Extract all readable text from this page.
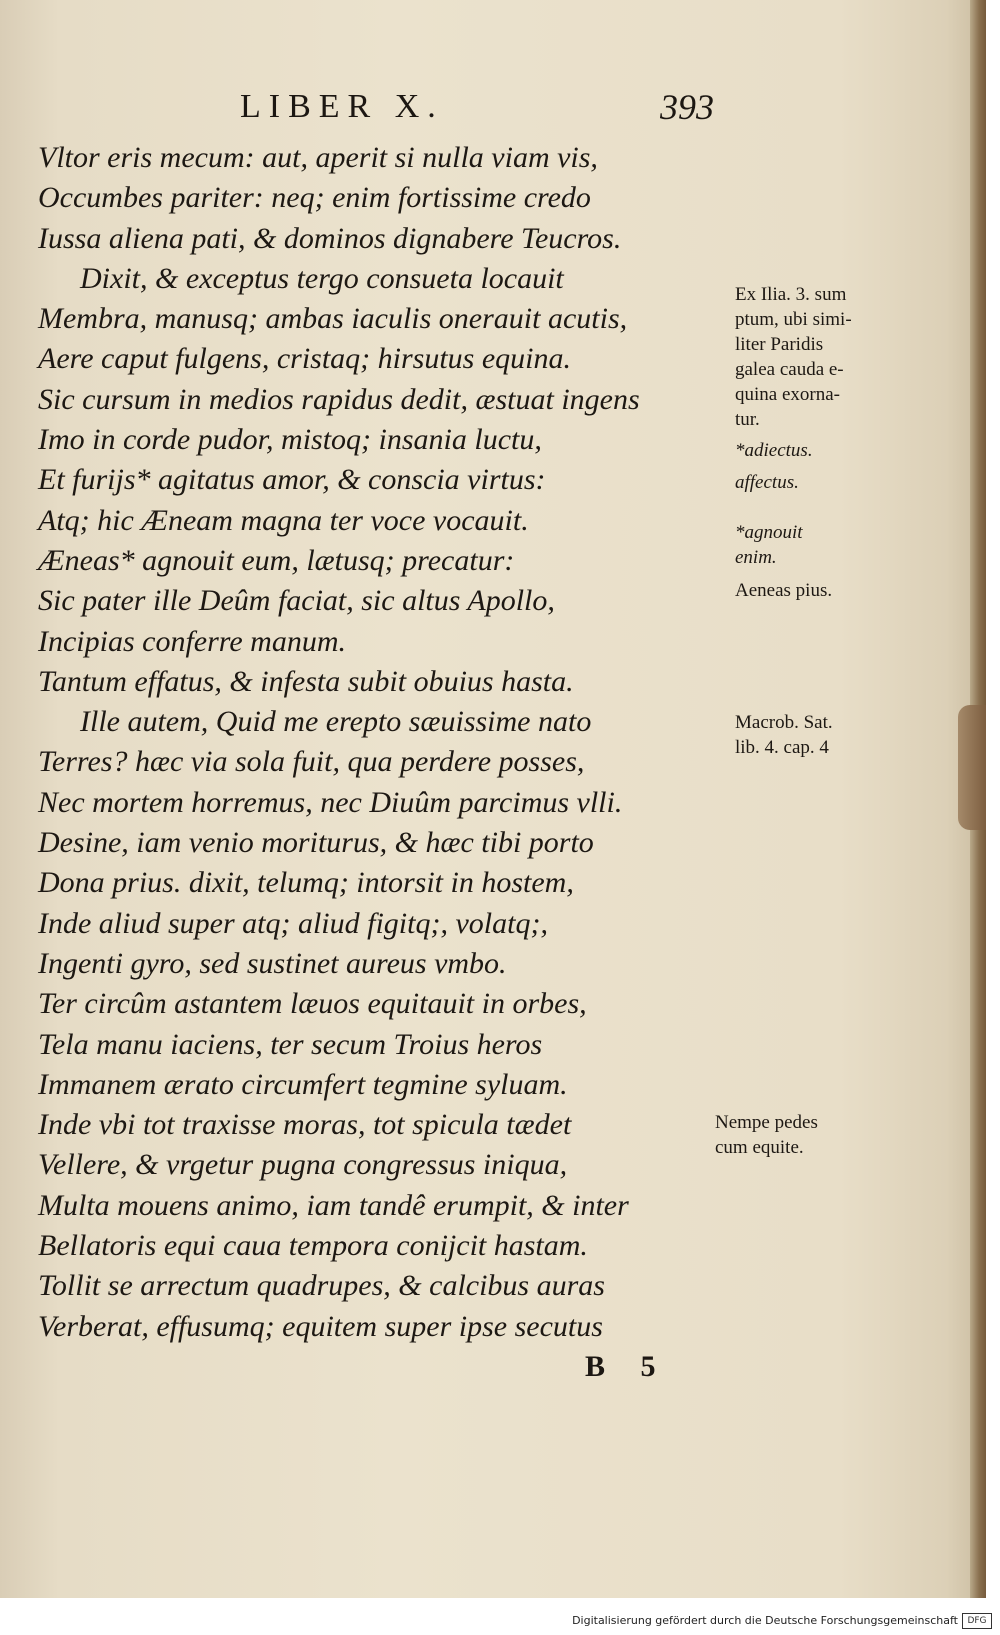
LIBER X.	393
Vltor eris mecum: aut, aperit si nulla viam vis,
Occumbes pariter: neq; enim fortissime credo
Iussa aliena pati, & dominos dignabere Teucros.
Dixit, & exceptus tergo consueta locauit
Membra, manusq; ambas iaculis onerauit acutis,
Aere caput fulgens, cristaq; hirsutus equina.
Sic cursum in medios rapidus dedit, æstuat ingens
Imo in corde pudor, mistoq; insania luctu,
Et furijs* agitatus amor, & conscia virtus:
Atq; hic Æneam magna ter voce vocauit.
Æneas* agnouit eum, lætusq; precatur:
Sic pater ille Deûm faciat, sic altus Apollo,
Incipias conferre manum.
Tantum effatus, & infesta subit obuius hasta.
Ille autem, Quid me erepto sæuissime nato
Terres? hæc via sola fuit, qua perdere posses,
Nec mortem horremus, nec Diuûm parcimus vlli.
Desine, iam venio moriturus, & hæc tibi porto
Dona prius. dixit, telumq; intorsit in hostem,
Inde aliud super atq; aliud figitq;, volatq;,
Ingenti gyro, sed sustinet aureus vmbo.
Ter circûm astantem læuos equitauit in orbes,
Tela manu iaciens, ter secum Troius heros
Immanem ærato circumfert tegmine syluam.
Inde vbi tot traxisse moras, tot spicula tædet
Vellere, & vrgetur pugna congressus iniqua,
Multa mouens animo, iam tandê erumpit, & inter
Bellatoris equi caua tempora conijcit hastam.
Tollit se arrectum quadrupes, & calcibus auras
Verberat, effusumq; equitem super ipse secutus
Ex Ilia. 3. sum
ptum, ubi simi-
liter Paridis
galea cauda e-
quina exorna-
tur.
*adiectus.
affectus.
*agnouit
enim.
Aeneas pius.
Macrob. Sat.
lib. 4. cap. 4
Nempe pedes
cum equite.
B 5
Digitalisierung gefördert durch die Deutsche Forschungsgemeinschaft	DFG
